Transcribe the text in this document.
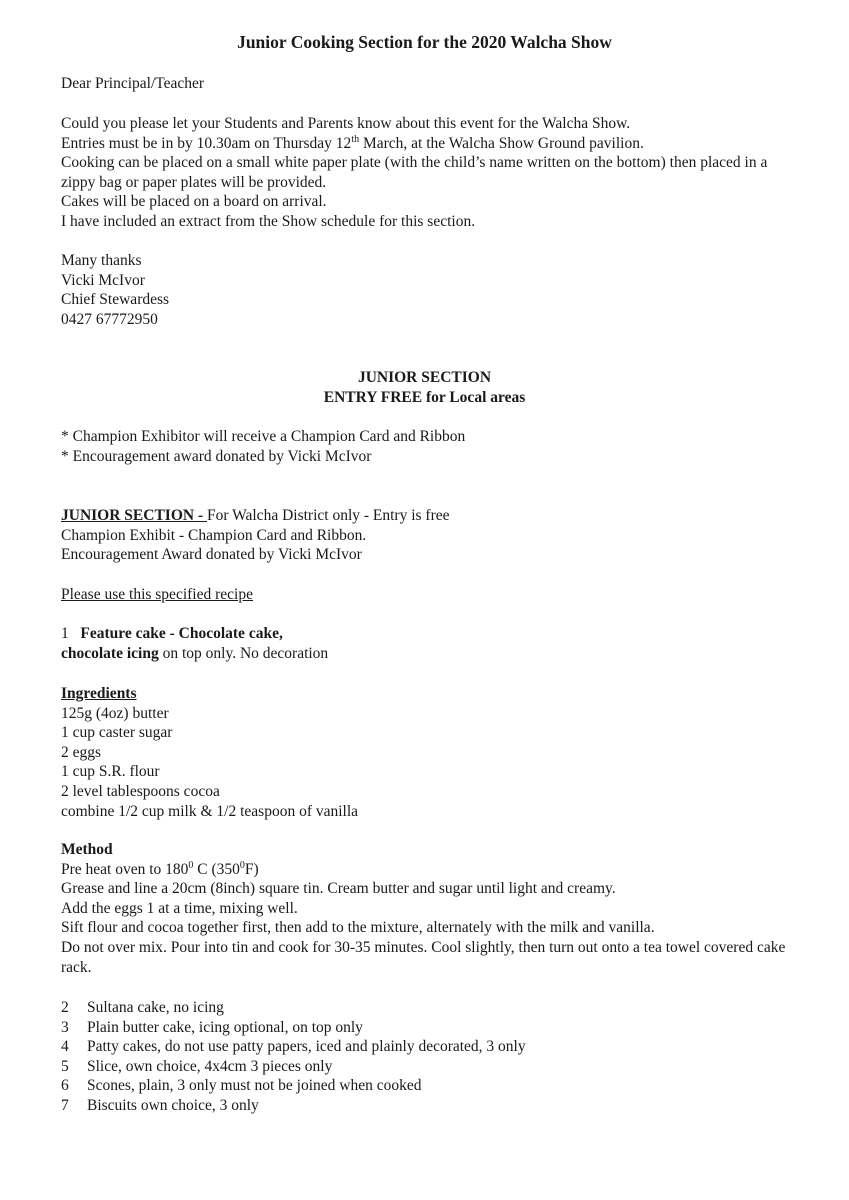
Junior Cooking Section for the 2020 Walcha Show
Dear Principal/Teacher
Could you please let your Students and Parents know about this event for the Walcha Show.
Entries must be in by 10.30am on Thursday 12th March, at the Walcha Show Ground pavilion.
Cooking can be placed on a small white paper plate (with the child’s name written on the bottom) then placed in a zippy bag or paper plates will be provided.
Cakes will be placed on a board on arrival.
I have included an extract from the Show schedule for this section.
Many thanks
Vicki McIvor
Chief Stewardess
0427 67772950
JUNIOR SECTION
ENTRY FREE for Local areas
* Champion Exhibitor will receive a Champion Card and Ribbon
* Encouragement award donated by Vicki McIvor
JUNIOR SECTION - For Walcha District only - Entry is free
Champion Exhibit - Champion Card and Ribbon.
Encouragement Award donated by Vicki McIvor
Please use this specified recipe
1 Feature cake - Chocolate cake,
chocolate icing on top only. No decoration
Ingredients
125g (4oz) butter
1 cup caster sugar
2 eggs
1 cup S.R. flour
2 level tablespoons cocoa
combine 1/2 cup milk & 1/2 teaspoon of vanilla
Method
Pre heat oven to $180^0$ C $(350^0F)$
Grease and line a 20cm (8inch) square tin. Cream butter and sugar until light and creamy.
Add the eggs 1 at a time, mixing well.
Sift flour and cocoa together first, then add to the mixture, alternately with the milk and vanilla.
Do not over mix. Pour into tin and cook for 30-35 minutes. Cool slightly, then turn out onto a tea towel covered cake rack.
2 Sultana cake, no icing
3 Plain butter cake, icing optional, on top only
4 Patty cakes, do not use patty papers, iced and plainly decorated, 3 only
5 Slice, own choice, 4x4cm 3 pieces only
6 Scones, plain, 3 only must not be joined when cooked
7 Biscuits own choice, 3 only
